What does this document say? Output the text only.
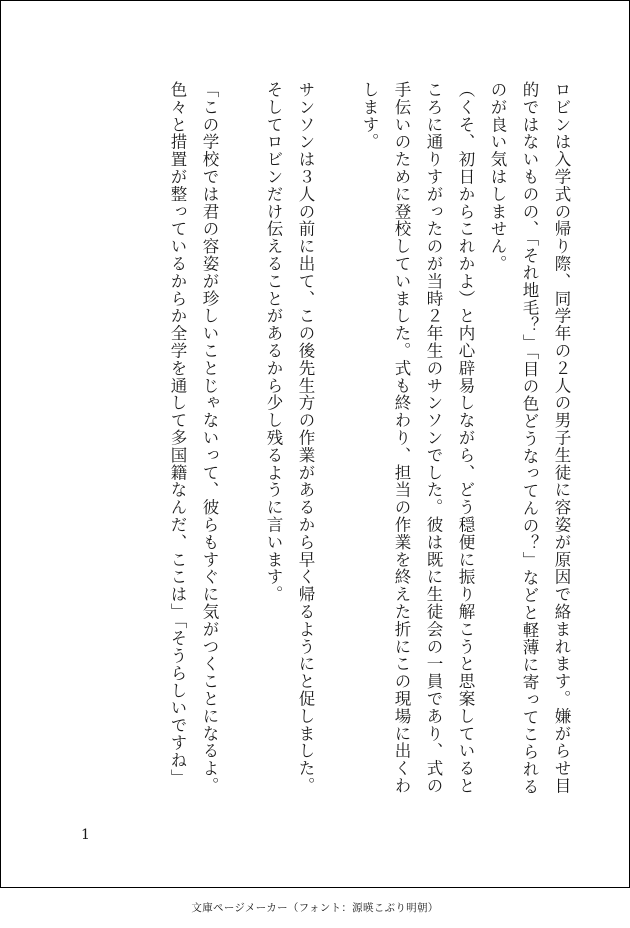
ロビンは入学式の帰り際、同学年の２人の男子生徒に容姿が原因で絡まれます。嫌がらせ目的ではないものの、「それ地毛？」「目の色どうなってんの？」などと軽薄に寄ってこられるのが良い気はしません。

（くそ、初日からこれかよ）と内心辟易しながら、どう穏便に振り解こうと思案しているところに通りすがったのが当時２年生のサンソンでした。彼は既に生徒会の一員であり、式の手伝いのために登校していました。式も終わり、担当の作業を終えた折にこの現場に出くわします。

サンソンは３人の前に出て、この後先生方の作業があるから早く帰るようにと促しました。そしてロビンだけ伝えることがあるから少し残るように言います。

「この学校では君の容姿が珍しいことじゃないって、彼らもすぐに気がつくことになるよ。色々と措置が整っているからか全学を通して多国籍なんだ、ここは」「そうらしいですね」

1
文庫ページメーカー（フォント：源暎こぶり明朝）
